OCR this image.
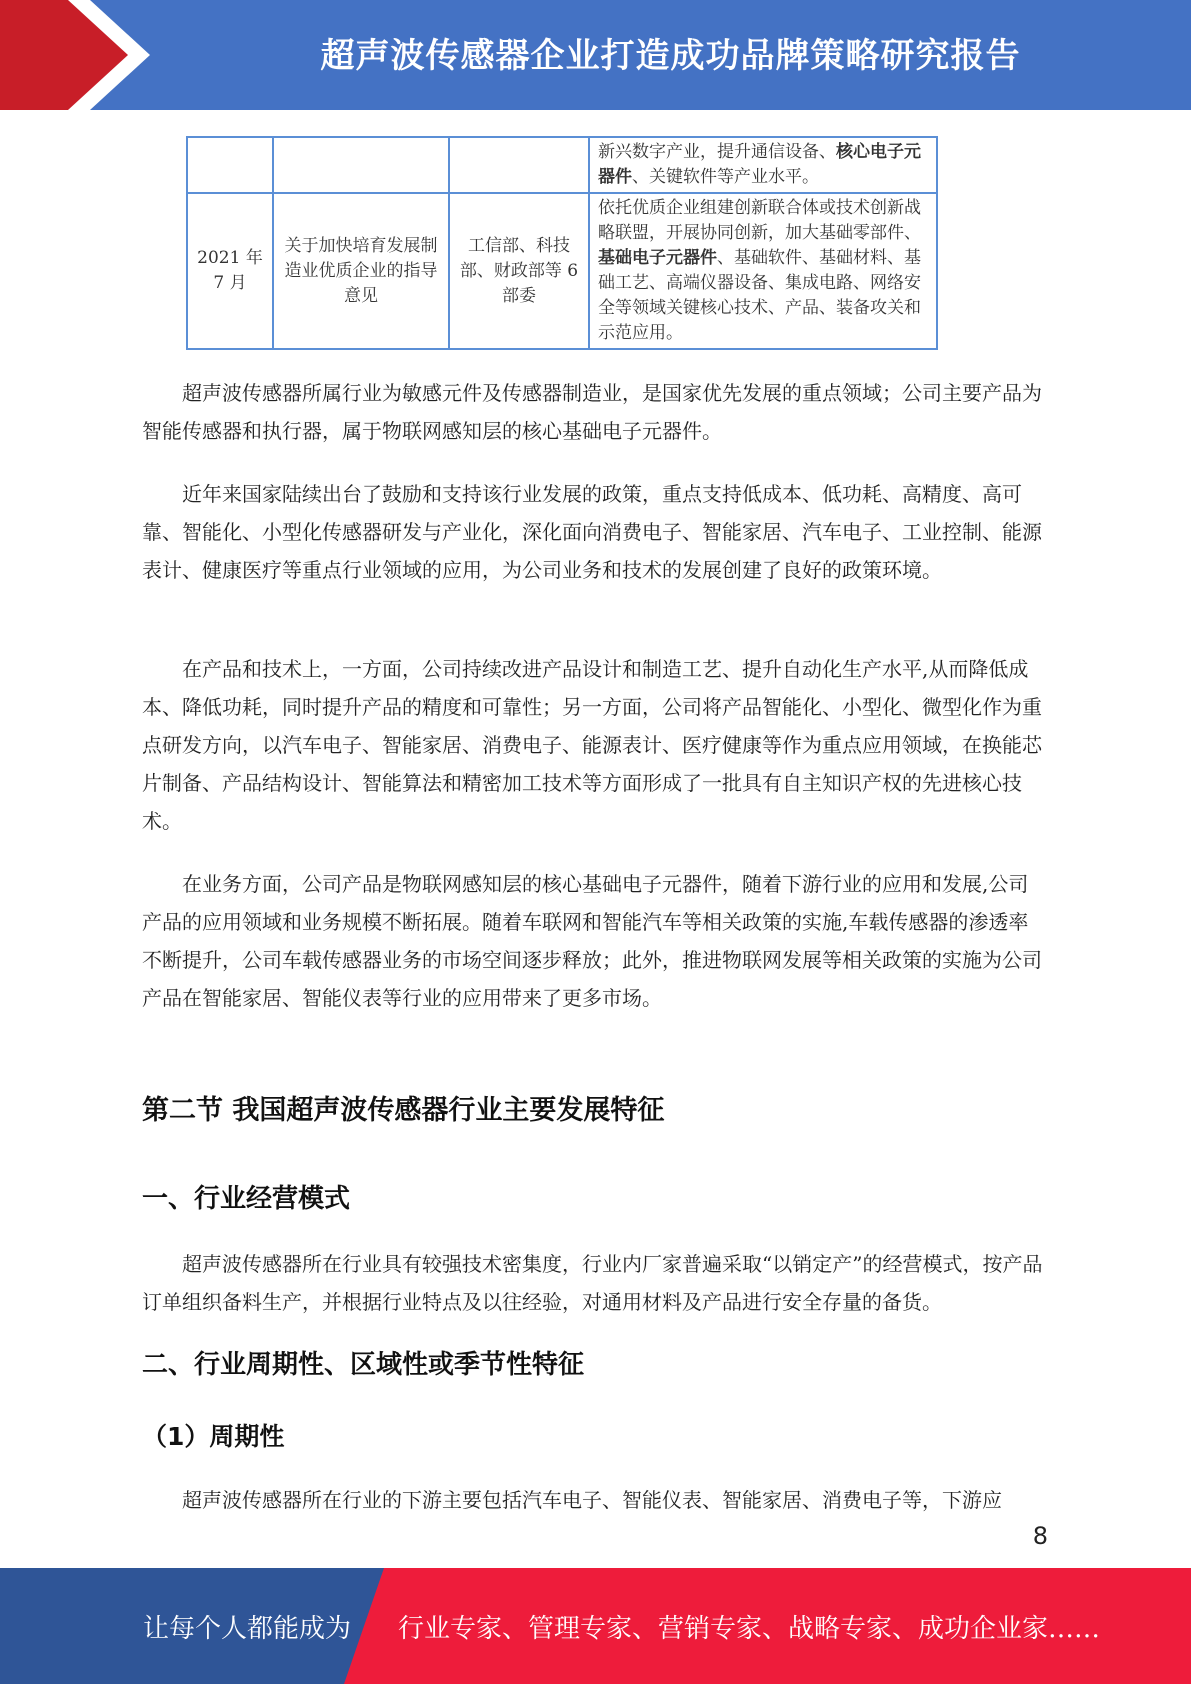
超声波传感器企业打造成功品牌策略研究报告
			新兴数字产业，提升通信设备、核心电子元器件、关键软件等产业水平。
2021 年 7 月	关于加快培育发展制造业优质企业的指导意见	工信部、科技部、财政部等 6 部委	依托优质企业组建创新联合体或技术创新战略联盟，开展协同创新，加大基础零部件、基础电子元器件、基础软件、基础材料、基础工艺、高端仪器设备、集成电路、网络安全等领域关键核心技术、产品、装备攻关和示范应用。

超声波传感器所属行业为敏感元件及传感器制造业，是国家优先发展的重点领域；公司主要产品为智能传感器和执行器，属于物联网感知层的核心基础电子元器件。

近年来国家陆续出台了鼓励和支持该行业发展的政策，重点支持低成本、低功耗、高精度、高可靠、智能化、小型化传感器研发与产业化，深化面向消费电子、智能家居、汽车电子、工业控制、能源表计、健康医疗等重点行业领域的应用，为公司业务和技术的发展创建了良好的政策环境。

在产品和技术上，一方面，公司持续改进产品设计和制造工艺、提升自动化生产水平,从而降低成本、降低功耗，同时提升产品的精度和可靠性；另一方面，公司将产品智能化、小型化、微型化作为重点研发方向，以汽车电子、智能家居、消费电子、能源表计、医疗健康等作为重点应用领域，在换能芯片制备、产品结构设计、智能算法和精密加工技术等方面形成了一批具有自主知识产权的先进核心技术。

在业务方面，公司产品是物联网感知层的核心基础电子元器件，随着下游行业的应用和发展,公司产品的应用领域和业务规模不断拓展。随着车联网和智能汽车等相关政策的实施,车载传感器的渗透率不断提升，公司车载传感器业务的市场空间逐步释放；此外，推进物联网发展等相关政策的实施为公司产品在智能家居、智能仪表等行业的应用带来了更多市场。

第二节 我国超声波传感器行业主要发展特征
一、行业经营模式

超声波传感器所在行业具有较强技术密集度，行业内厂家普遍采取“以销定产”的经营模式，按产品订单组织备料生产，并根据行业特点及以往经验，对通用材料及产品进行安全存量的备货。

二、行业周期性、区域性或季节性特征
（1）周期性

超声波传感器所在行业的下游主要包括汽车电子、智能仪表、智能家居、消费电子等，下游应

8
让每个人都能成为 行业专家、管理专家、营销专家、战略专家、成功企业家……
